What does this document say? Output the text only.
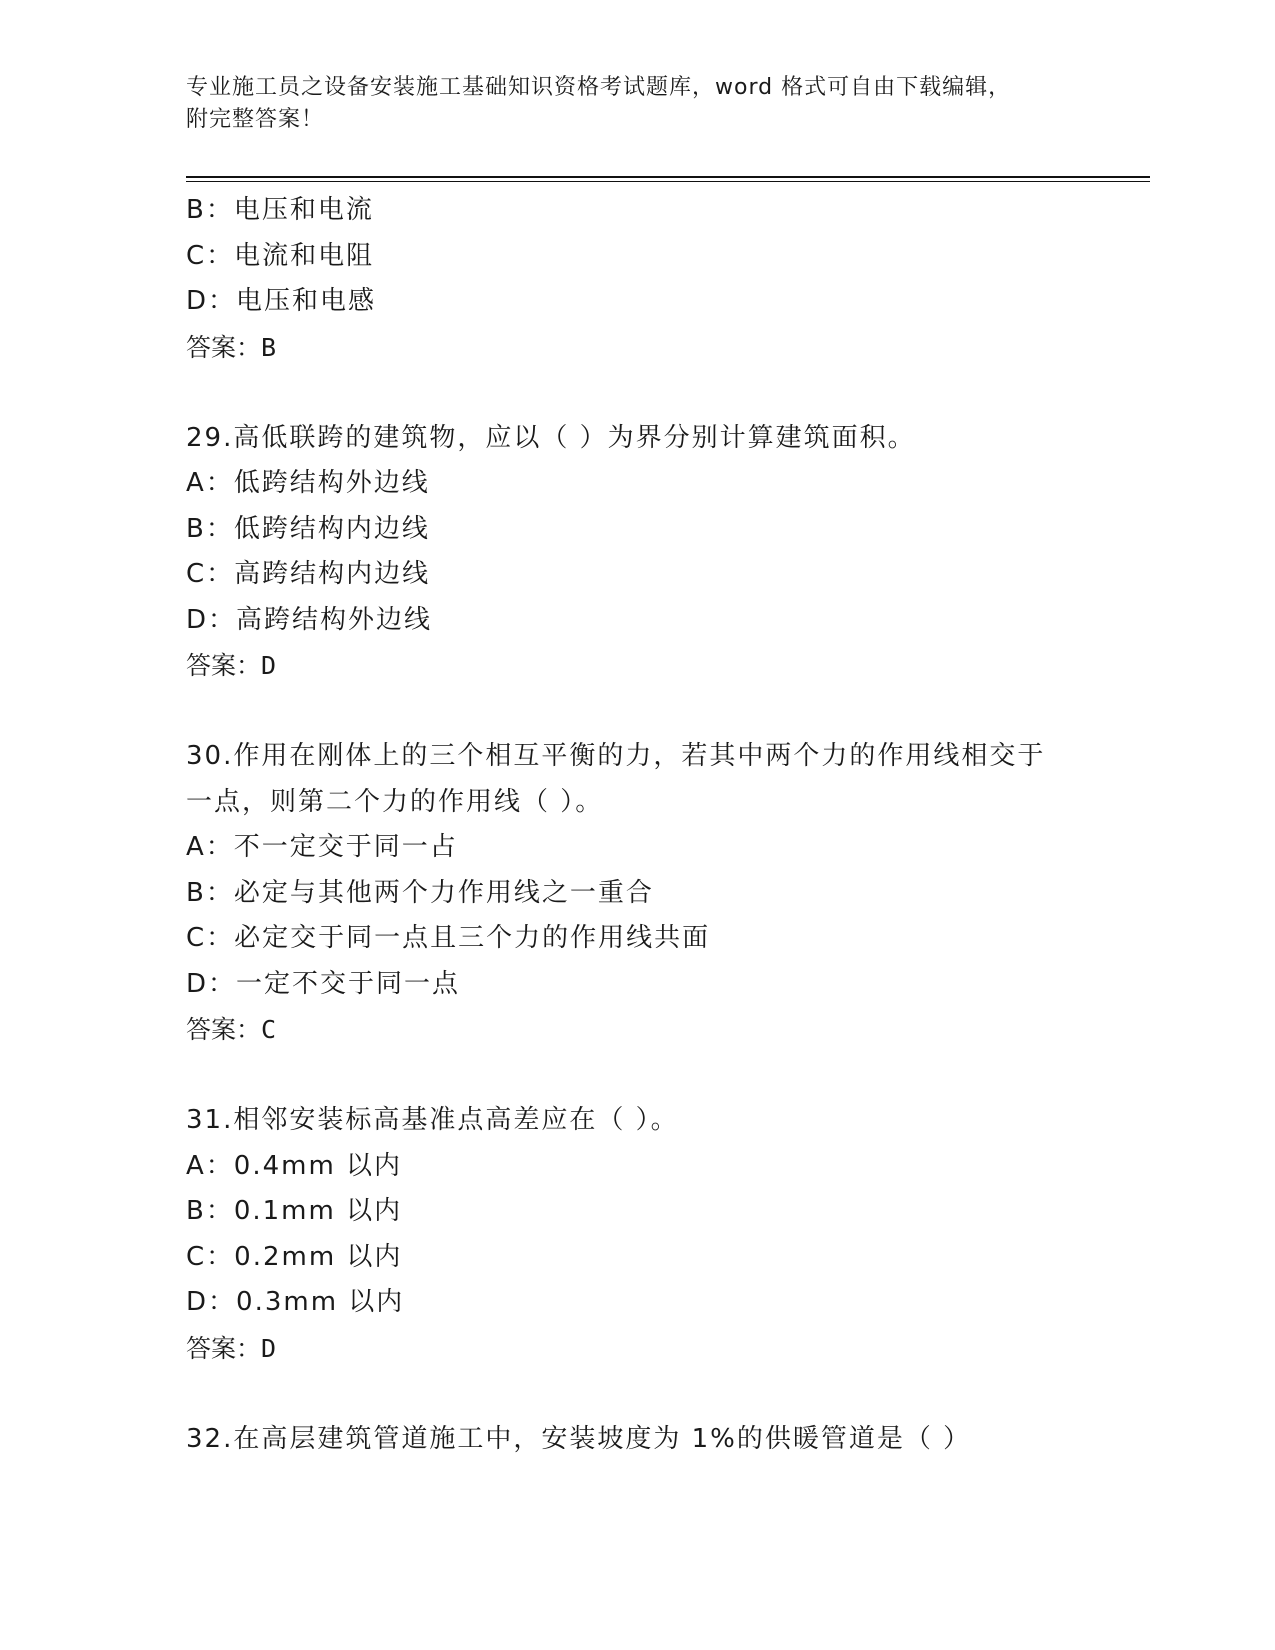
专业施工员之设备安装施工基础知识资格考试题库，word 格式可自由下载编辑，
附完整答案！
B：电压和电流
C：电流和电阻
D：电压和电感
答案：B
29.高低联跨的建筑物，应以（ ）为界分别计算建筑面积。
A：低跨结构外边线
B：低跨结构内边线
C：高跨结构内边线
D：高跨结构外边线
答案：D
30.作用在刚体上的三个相互平衡的力，若其中两个力的作用线相交于
一点，则第二个力的作用线（ ）。
A：不一定交于同一占
B：必定与其他两个力作用线之一重合
C：必定交于同一点且三个力的作用线共面
D：一定不交于同一点
答案：C
31.相邻安装标高基准点高差应在（ ）。
A：0.4mm 以内
B：0.1mm 以内
C：0.2mm 以内
D：0.3mm 以内
答案：D
32.在高层建筑管道施工中，安装坡度为 1%的供暖管道是（ ）
